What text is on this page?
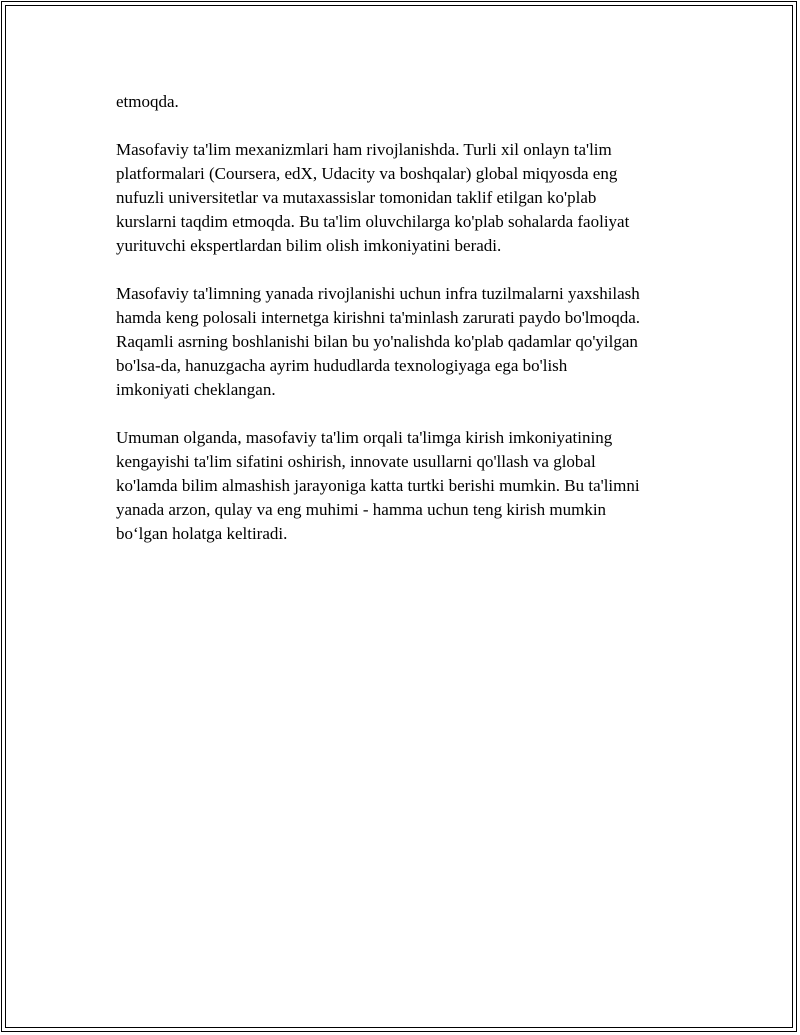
etmoqda.

Masofaviy ta'lim mexanizmlari ham rivojlanishda. Turli xil onlayn ta'lim
platformalari (Coursera, edX, Udacity va boshqalar) global miqyosda eng
nufuzli universitetlar va mutaxassislar tomonidan taklif etilgan ko'plab
kurslarni taqdim etmoqda. Bu ta'lim oluvchilarga ko'plab sohalarda faoliyat
yurituvchi ekspertlardan bilim olish imkoniyatini beradi.

Masofaviy ta'limning yanada rivojlanishi uchun infra tuzilmalarni yaxshilash
hamda keng polosali internetga kirishni ta'minlash zarurati paydo bo'lmoqda.
Raqamli asrning boshlanishi bilan bu yo'nalishda ko'plab qadamlar qo'yilgan
bo'lsa-da, hanuzgacha ayrim hududlarda texnologiyaga ega bo'lish
imkoniyati cheklangan.

Umuman olganda, masofaviy ta'lim orqali ta'limga kirish imkoniyatining
kengayishi ta'lim sifatini oshirish, innovate usullarni qo'llash va global
ko'lamda bilim almashish jarayoniga katta turtki berishi mumkin. Bu ta'limni
yanada arzon, qulay va eng muhimi - hamma uchun teng kirish mumkin
bo‘lgan holatga keltiradi.
